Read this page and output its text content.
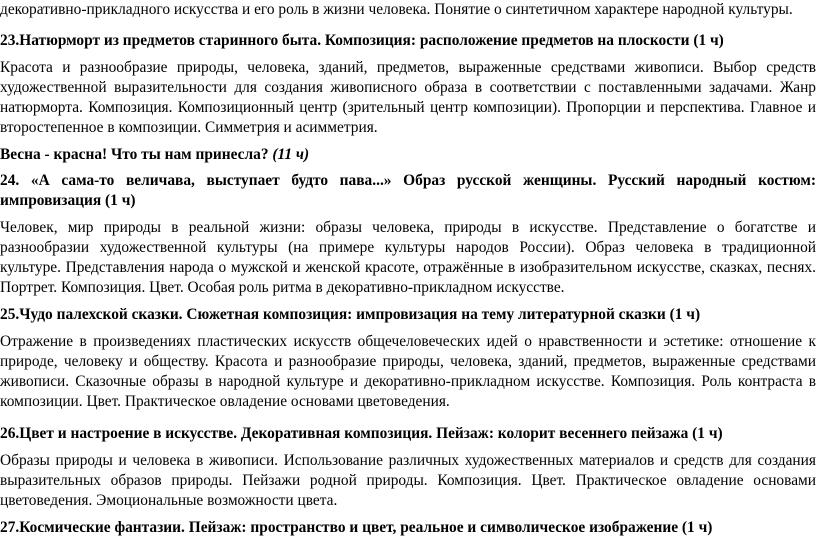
декоративно-прикладного искусства и его роль в жизни человека. Понятие о синтетичном характере народной культуры.

23.Натюрморт из предметов старинного быта. Композиция: расположение предметов на плоскости (1 ч)

Красота и разнообразие природы, человека, зданий, предметов, выраженные средствами живописи. Выбор средств

художественной выразительности для создания живописного образа в соответствии с поставленными задачами. Жанр

натюрморта. Композиция. Композиционный центр (зрительный центр композиции). Пропорции и перспектива. Главное и

второстепенное в композиции. Симметрия и асимметрия.

Весна - красна! Что ты нам принесла? (11 ч)

24. «А сама-то величава, выступает будто пава...» Образ русской женщины. Русский народный костюм:

импровизация (1 ч)

Человек, мир природы в реальной жизни: образы человека, природы в искусстве. Представление о богатстве и

разнообразии художественной культуры (на примере культуры народов России). Образ человека в традиционной

культуре. Представления народа о мужской и женской красоте, отражённые в изобразительном искусстве, сказках, песнях.

Портрет. Композиция. Цвет. Особая роль ритма в декоративно-прикладном искусстве.

25.Чудо палехской сказки. Сюжетная композиция: импровизация на тему литературной сказки (1 ч)

Отражение в произведениях пластических искусств общечеловеческих идей о нравственности и эстетике: отношение к

природе, человеку и обществу. Красота и разнообразие природы, человека, зданий, предметов, выраженные средствами

живописи. Сказочные образы в народной культуре и декоративно-прикладном искусстве. Композиция. Роль контраста в

композиции. Цвет. Практическое овладение основами цветоведения.

26.Цвет и настроение в искусстве. Декоративная композиция. Пейзаж: колорит весеннего пейзажа (1 ч)

Образы природы и человека в живописи. Использование различных художественных материалов и средств для создания

выразительных образов природы. Пейзажи родной природы. Композиция. Цвет. Практическое овладение основами

цветоведения. Эмоциональные возможности цвета.

27.Космические фантазии. Пейзаж: пространство и цвет, реальное и символическое изображение (1 ч)
